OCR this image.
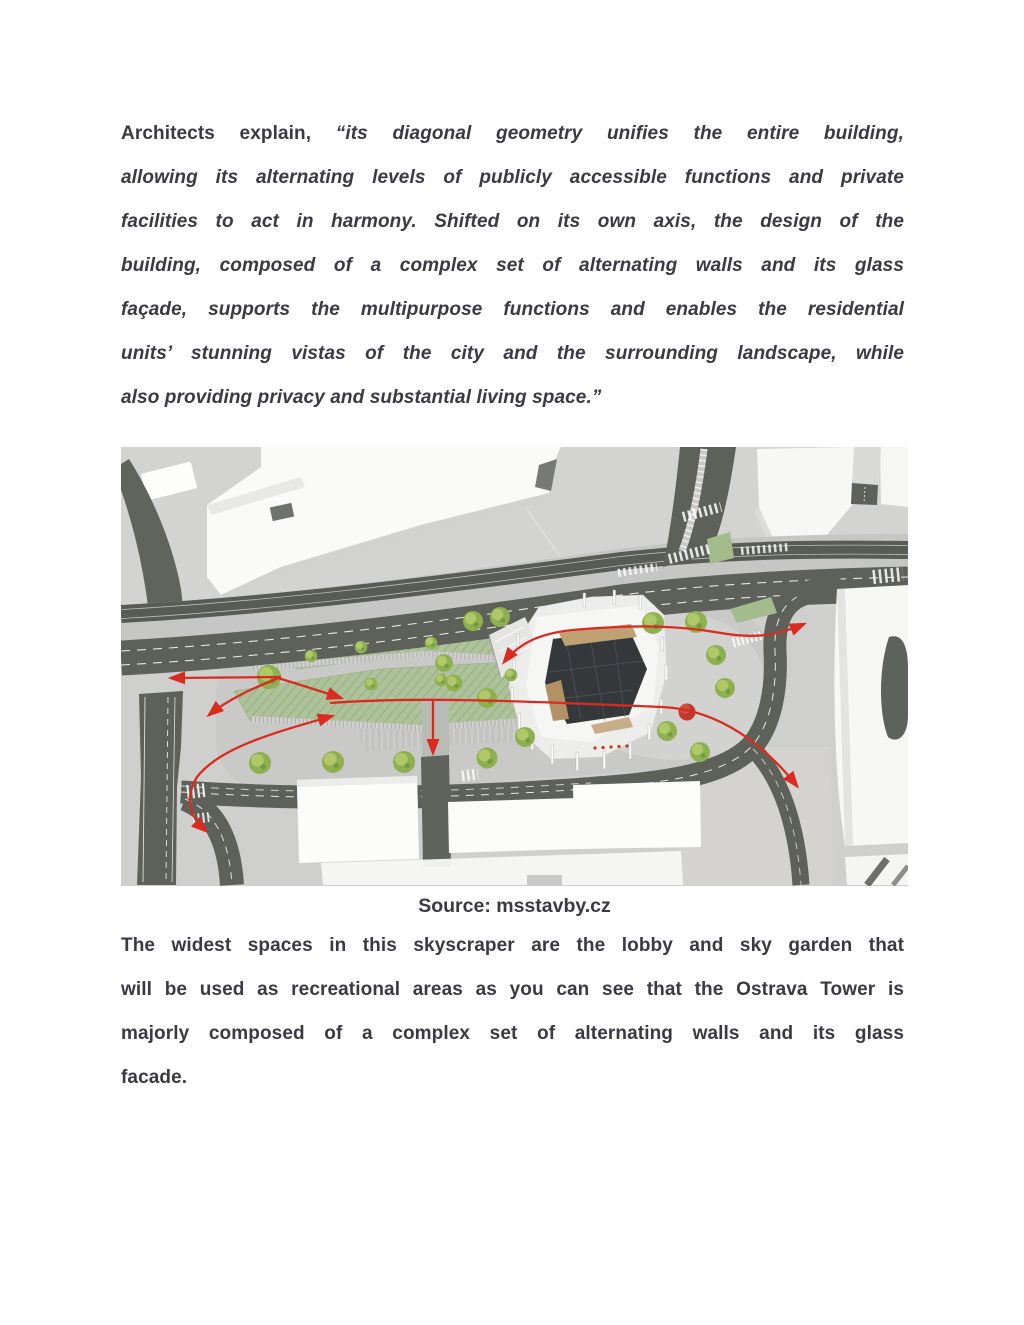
Architects explain, “its diagonal geometry unifies the entire building,
allowing its alternating levels of publicly accessible functions and private
facilities to act in harmony. Shifted on its own axis, the design of the
building, composed of a complex set of alternating walls and its glass
façade, supports the multipurpose functions and enables the residential
units’ stunning vistas of the city and the surrounding landscape, while
also providing privacy and substantial living space.”
Source: msstavby.cz
The widest spaces in this skyscraper are the lobby and sky garden that
will be used as recreational areas as you can see that the Ostrava Tower is
majorly composed of a complex set of alternating walls and its glass
facade.
